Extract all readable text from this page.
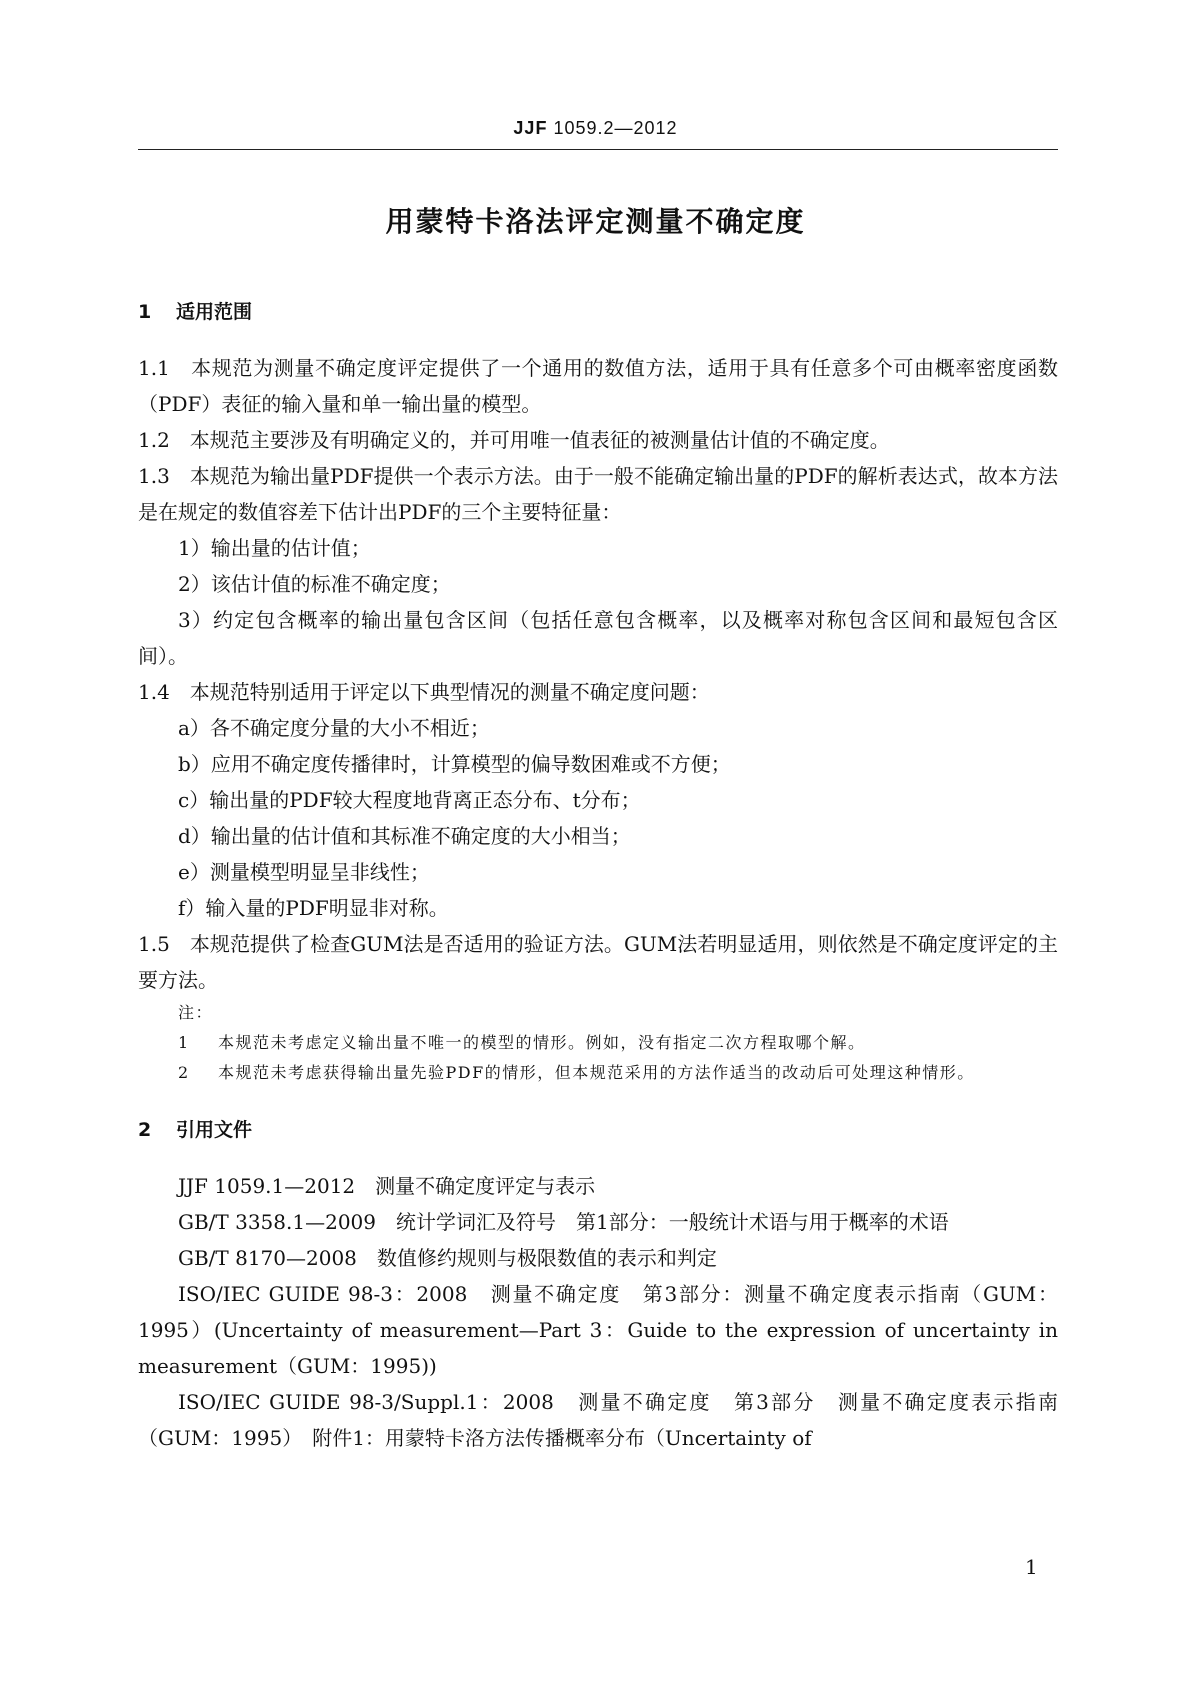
JJF 1059.2—2012
用蒙特卡洛法评定测量不确定度
1 适用范围

1.1　本规范为测量不确定度评定提供了一个通用的数值方法，适用于具有任意多个可由概率密度函数（PDF）表征的输入量和单一输出量的模型。

1.2　本规范主要涉及有明确定义的，并可用唯一值表征的被测量估计值的不确定度。

1.3　本规范为输出量PDF提供一个表示方法。由于一般不能确定输出量的PDF的解析表达式，故本方法是在规定的数值容差下估计出PDF的三个主要特征量：

1）输出量的估计值；

2）该估计值的标准不确定度；

3）约定包含概率的输出量包含区间（包括任意包含概率，以及概率对称包含区间和最短包含区间）。

1.4　本规范特别适用于评定以下典型情况的测量不确定度问题：

a）各不确定度分量的大小不相近；

b）应用不确定度传播律时，计算模型的偏导数困难或不方便；

c）输出量的PDF较大程度地背离正态分布、t分布；

d）输出量的估计值和其标准不确定度的大小相当；

e）测量模型明显呈非线性；

f）输入量的PDF明显非对称。

1.5　本规范提供了检查GUM法是否适用的验证方法。GUM法若明显适用，则依然是不确定度评定的主要方法。

注：

1	本规范未考虑定义输出量不唯一的模型的情形。例如，没有指定二次方程取哪个解。
2	本规范未考虑获得输出量先验PDF的情形，但本规范采用的方法作适当的改动后可处理这种情形。
2 引用文件

JJF 1059.1—2012　测量不确定度评定与表示

GB/T 3358.1—2009　统计学词汇及符号　第1部分：一般统计术语与用于概率的术语

GB/T 8170—2008　数值修约规则与极限数值的表示和判定

ISO/IEC GUIDE 98-3：2008　测量不确定度　第3部分：测量不确定度表示指南（GUM：1995）(Uncertainty of measurement—Part 3：Guide to the expression of uncertainty in measurement（GUM：1995))

ISO/IEC GUIDE 98-3/Suppl.1：2008　测量不确定度　第3部分　测量不确定度表示指南（GUM：1995）　附件1：用蒙特卡洛方法传播概率分布（Uncertainty of

1
